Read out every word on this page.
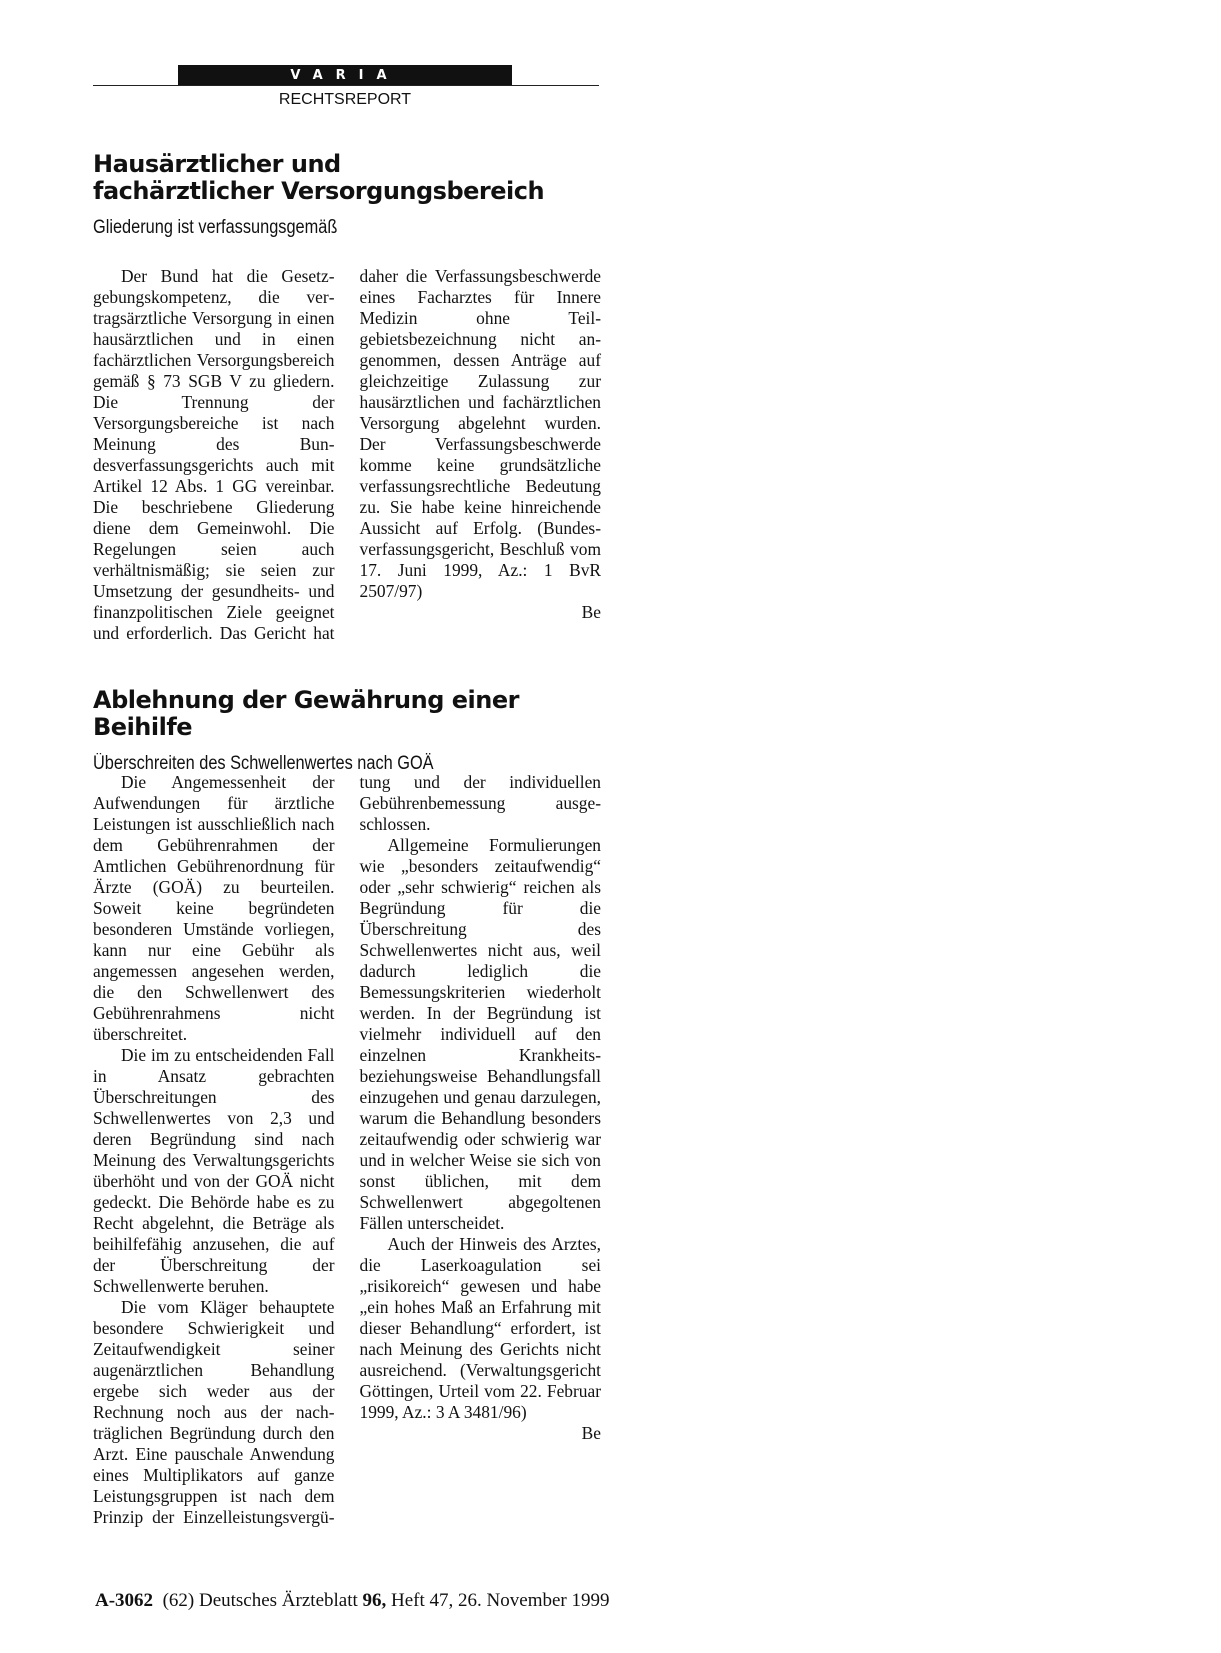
VARIA
RECHTSREPORT
Hausärztlicher und
fachärztlicher Versorgungsbereich
Gliederung ist verfassungsgemäß

Der Bund hat die Gesetzgebungskompetenz, die vertragsärztliche Versorgung in einen hausärztlichen und in einen fachärztlichen Versorgungsbereich gemäß § 73 SGB V zu gliedern. Die Trennung der Versorgungsbereiche ist nach Meinung des Bundesverfassungsgerichts auch mit Artikel 12 Abs. 1 GG vereinbar. Die beschriebene Gliederung diene dem Gemeinwohl. Die Regelungen seien auch verhältnismäßig; sie seien zur Umsetzung der gesundheits- und finanzpolitischen Ziele geeignet und erforderlich. Das Gericht hat daher die Verfassungsbeschwerde eines Facharztes für Innere Medizin ohne Teilgebietsbezeichnung nicht angenommen, dessen Anträge auf gleichzeitige Zulassung zur hausärztlichen und fachärztlichen Versorgung abgelehnt wurden. Der Verfassungsbeschwerde komme keine grundsätzliche verfassungsrechtliche Bedeutung zu. Sie habe keine hinreichende Aussicht auf Erfolg. (Bundesverfassungsgericht, Beschluß vom 17. Juni 1999, Az.: 1 BvR 2507/97)

Be
Ablehnung der Gewährung einer Beihilfe
Überschreiten des Schwellenwertes nach GOÄ

Die Angemessenheit der Aufwendungen für ärztliche Leistungen ist ausschließlich nach dem Gebührenrahmen der Amtlichen Gebührenordnung für Ärzte (GOÄ) zu beurteilen. Soweit keine begründeten besonderen Umstände vorliegen, kann nur eine Gebühr als angemessen angesehen werden, die den Schwellenwert des Gebührenrahmens nicht überschreitet.

Die im zu entscheidenden Fall in Ansatz gebrachten Überschreitungen des Schwellenwertes von 2,3 und deren Begründung sind nach Meinung des Verwaltungsgerichts überhöht und von der GOÄ nicht gedeckt. Die Behörde habe es zu Recht abgelehnt, die Beträge als beihilfefähig anzusehen, die auf der Überschreitung der Schwellenwerte beruhen.

Die vom Kläger behauptete besondere Schwierigkeit und Zeitaufwendigkeit seiner augenärztlichen Behandlung ergebe sich weder aus der Rechnung noch aus der nachträglichen Begründung durch den Arzt. Eine pauschale Anwendung eines Multiplikators auf ganze Leistungsgruppen ist nach dem Prinzip der Einzelleistungsvergütung und der individuellen Gebührenbemessung ausgeschlossen.

Allgemeine Formulierungen wie „besonders zeitaufwendig“ oder „sehr schwierig“ reichen als Begründung für die Überschreitung des Schwellenwertes nicht aus, weil dadurch lediglich die Bemessungskriterien wiederholt werden. In der Begründung ist vielmehr individuell auf den einzelnen Krankheits- beziehungsweise Behandlungsfall einzugehen und genau darzulegen, warum die Behandlung besonders zeitaufwendig oder schwierig war und in welcher Weise sie sich von sonst üblichen, mit dem Schwellenwert abgegoltenen Fällen unterscheidet.

Auch der Hinweis des Arztes, die Laserkoagulation sei „risikoreich“ gewesen und habe „ein hohes Maß an Erfahrung mit dieser Behandlung“ erfordert, ist nach Meinung des Gerichts nicht ausreichend. (Verwaltungsgericht Göttingen, Urteil vom 22. Februar 1999, Az.: 3 A 3481/96)

Be
A-3062 (62) Deutsches Ärzteblatt 96, Heft 47, 26. November 1999
